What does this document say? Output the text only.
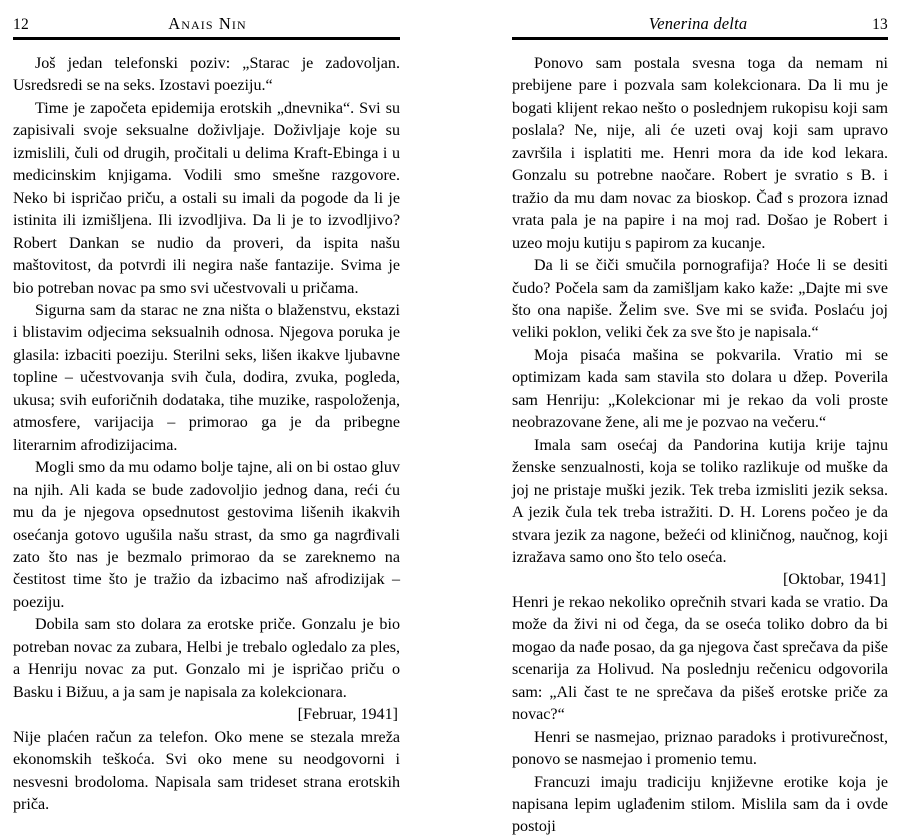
12	Anais Nin

Još jedan telefonski poziv: „Starac je zadovoljan. Usredsredi se na seks. Izostavi poeziju.“

Time je započeta epidemija erotskih „dnevnika“. Svi su zapisivali svoje seksualne doživljaje. Doživljaje koje su izmislili, čuli od drugih, pročitali u delima Kraft-Ebinga i u medicinskim knjigama. Vodili smo smešne razgovore. Neko bi ispričao priču, a ostali su imali da pogode da li je istinita ili izmišljena. Ili izvodljiva. Da li je to izvodljivo? Robert Dankan se nudio da proveri, da ispita našu maštovitost, da potvrdi ili negira naše fantazije. Svima je bio potreban novac pa smo svi učestvovali u pričama.

Sigurna sam da starac ne zna ništa o blaženstvu, ekstazi i blistavim odjecima seksualnih odnosa. Njegova poruka je glasila: izbaciti poeziju. Sterilni seks, lišen ikakve ljubavne topline – učestvovanja svih čula, dodira, zvuka, pogleda, ukusa; svih euforičnih dodataka, tihe muzike, raspoloženja, atmosfere, varijacija – primorao ga je da pribegne literarnim afrodizijacima.

Mogli smo da mu odamo bolje tajne, ali on bi ostao gluv na njih. Ali kada se bude zadovoljio jednog dana, reći ću mu da je njegova opsednutost gestovima lišenih ikakvih osećanja gotovo ugušila našu strast, da smo ga nagrđivali zato što nas je bezmalo primorao da se zareknemo na čestitost time što je tražio da izbacimo naš afrodizijak – poeziju.

Dobila sam sto dolara za erotske priče. Gonzalu je bio potreban novac za zubara, Helbi je trebalo ogledalo za ples, a Henriju novac za put. Gonzalo mi je ispričao priču o Basku i Bižuu, a ja sam je napisala za kolekcionara.

[Februar, 1941]

Nije plaćen račun za telefon. Oko mene se stezala mreža ekonomskih teškoća. Svi oko mene su neodgovorni i nesvesni brodoloma. Napisala sam trideset strana erotskih priča.

Venerina delta	13

Ponovo sam postala svesna toga da nemam ni prebijene pare i pozvala sam kolekcionara. Da li mu je bogati klijent rekao nešto o poslednjem rukopisu koji sam poslala? Ne, nije, ali će uzeti ovaj koji sam upravo završila i isplatiti me. Henri mora da ide kod lekara. Gonzalu su potrebne naočare. Robert je svratio s B. i tražio da mu dam novac za bioskop. Čađ s prozora iznad vrata pala je na papire i na moj rad. Došao je Robert i uzeo moju kutiju s papirom za kucanje.

Da li se čiči smučila pornografija? Hoće li se desiti čudo? Počela sam da zamišljam kako kaže: „Dajte mi sve što ona napiše. Želim sve. Sve mi se sviđa. Poslaću joj veliki poklon, veliki ček za sve što je napisala.“

Moja pisaća mašina se pokvarila. Vratio mi se optimizam kada sam stavila sto dolara u džep. Poverila sam Henriju: „Kolekcionar mi je rekao da voli proste neobrazovane žene, ali me je pozvao na večeru.“

Imala sam osećaj da Pandorina kutija krije tajnu ženske senzualnosti, koja se toliko razlikuje od muške da joj ne pristaje muški jezik. Tek treba izmisliti jezik seksa. A jezik čula tek treba istražiti. D. H. Lorens počeo je da stvara jezik za nagone, bežeći od kliničnog, naučnog, koji izražava samo ono što telo oseća.

[Oktobar, 1941]

Henri je rekao nekoliko oprečnih stvari kada se vratio. Da može da živi ni od čega, da se oseća toliko dobro da bi mogao da nađe posao, da ga njegova čast sprečava da piše scenarija za Holivud. Na poslednju rečenicu odgovorila sam: „Ali čast te ne sprečava da pišeš erotske priče za novac?“

Henri se nasmejao, priznao paradoks i protivurečnost, ponovo se nasmejao i promenio temu.

Francuzi imaju tradiciju književne erotike koja je napisana lepim uglađenim stilom. Mislila sam da i ovde postoji
